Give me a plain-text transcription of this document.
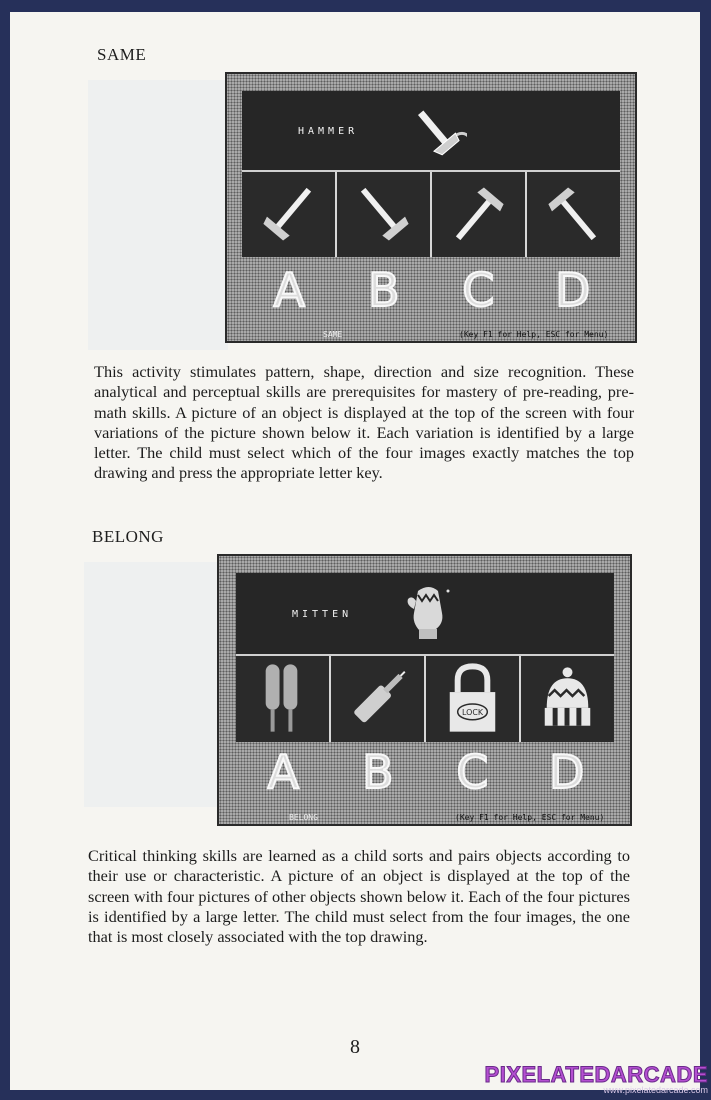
SAME
HAMMER
A	B	C	D
SAME	(Key F1 for Help, ESC for Menu)

This activity stimulates pattern, shape, direction and size recognition. These analytical and perceptual skills are prerequisites for mastery of pre-reading, pre-math skills. A picture of an object is displayed at the top of the screen with four variations of the picture shown below it. Each variation is identified by a large letter. The child must select which of the four images exactly matches the top drawing and press the appropriate letter key.

BELONG
MITTEN
LOCK
A	B	C	D
BELONG	(Key F1 for Help, ESC for Menu)

Critical thinking skills are learned as a child sorts and pairs objects according to their use or characteristic. A picture of an object is displayed at the top of the screen with four pictures of other objects shown below it. Each of the four pictures is identified by a large letter. The child must select from the four images, the one that is most closely associated with the top drawing.

8
PIXELATEDARCADE
www.pixelatedarcade.com
